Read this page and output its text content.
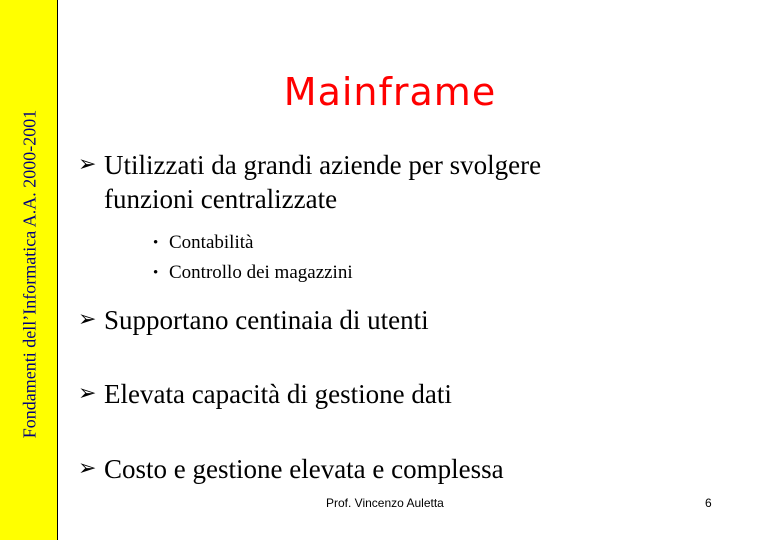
Fondamenti dell’Informatica A.A. 2000-2001
Mainframe
➢ Utilizzati da grandi aziende per svolgere
funzioni centralizzate
• Contabilità
• Controllo dei magazzini
➢ Supportano centinaia di utenti
➢ Elevata capacità di gestione dati
➢ Costo e gestione elevata e complessa
Prof. Vincenzo Auletta	6
